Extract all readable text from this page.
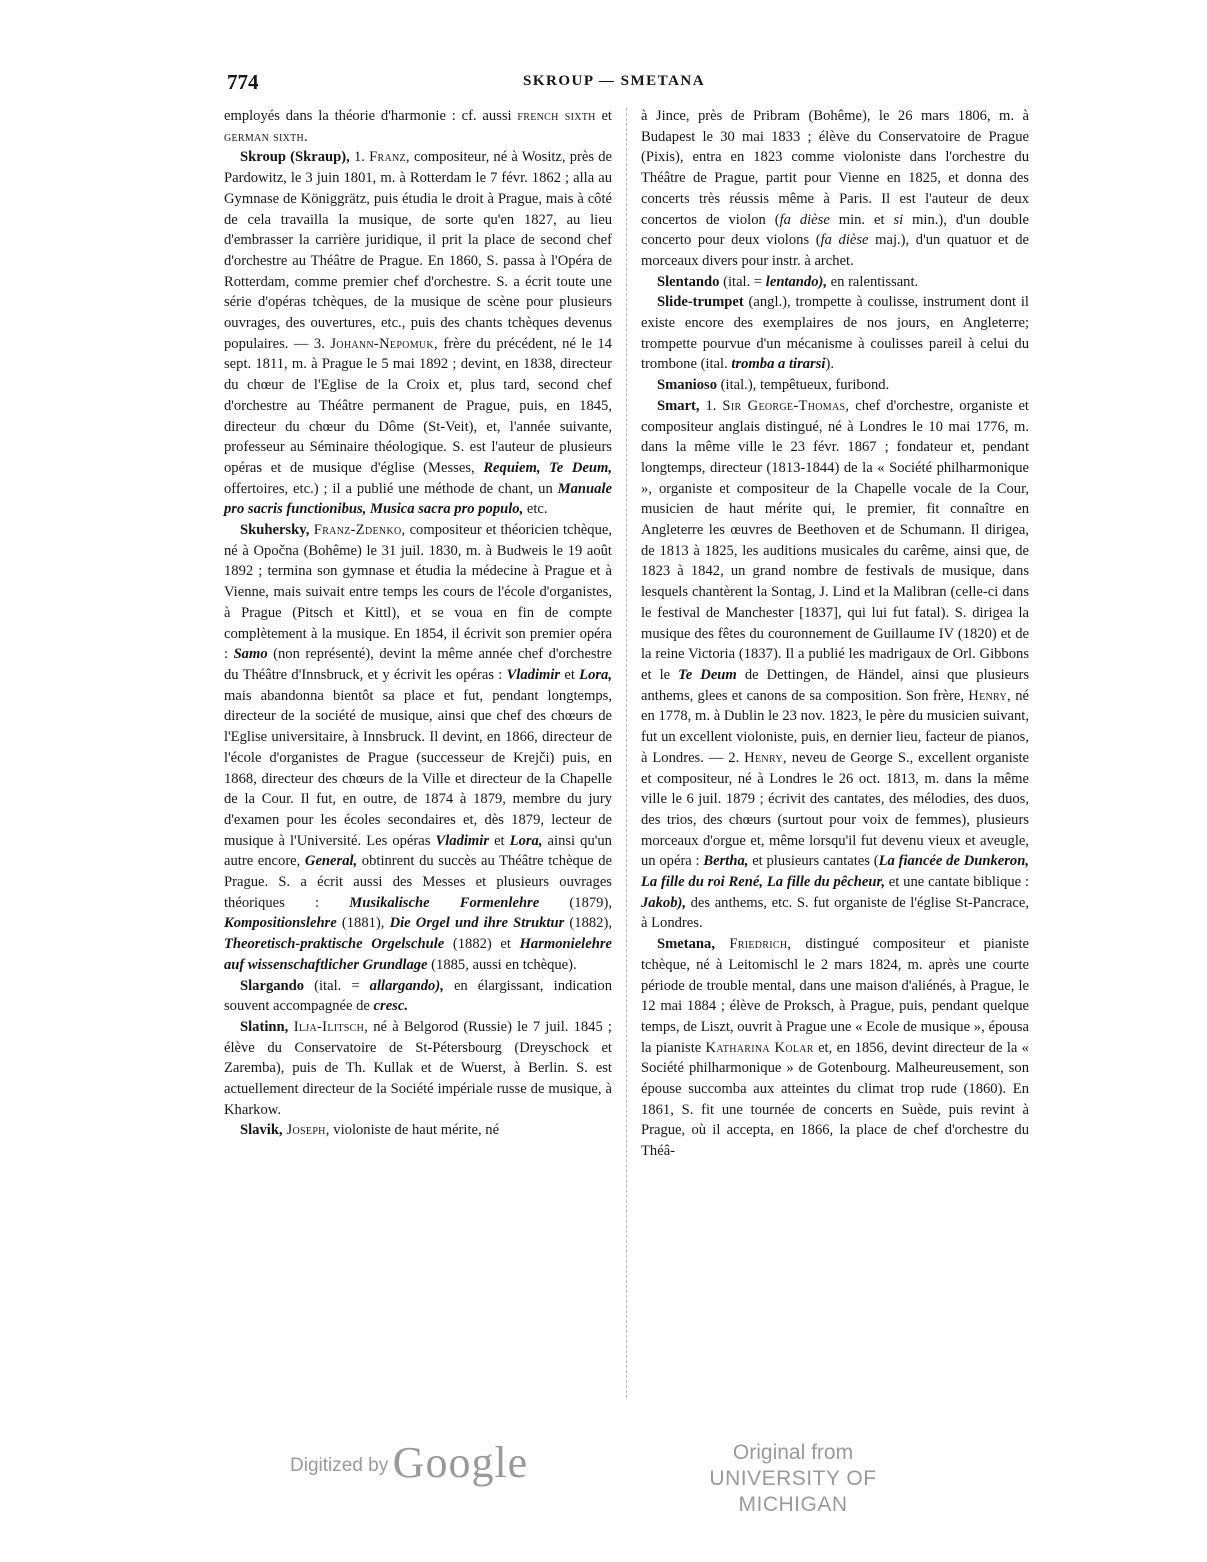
774	SKROUP — SMETANA

employés dans la théorie d'harmonie : cf. aussi french sixth et german sixth.

Skroup (Skraup), 1. Franz, compositeur, né à Wositz, près de Pardowitz, le 3 juin 1801, m. à Rotterdam le 7 févr. 1862 ; alla au Gymnase de Königgrätz, puis étudia le droit à Prague, mais à côté de cela travailla la musique, de sorte qu'en 1827, au lieu d'embrasser la carrière juridique, il prit la place de second chef d'orchestre au Théâtre de Prague. En 1860, S. passa à l'Opéra de Rotterdam, comme premier chef d'orchestre. S. a écrit toute une série d'opéras tchèques, de la musique de scène pour plusieurs ouvrages, des ouvertures, etc., puis des chants tchèques devenus populaires. — 3. Johann-Nepomuk, frère du précédent, né le 14 sept. 1811, m. à Prague le 5 mai 1892 ; devint, en 1838, directeur du chœur de l'Eglise de la Croix et, plus tard, second chef d'orchestre au Théâtre permanent de Prague, puis, en 1845, directeur du chœur du Dôme (St-Veit), et, l'année suivante, professeur au Séminaire théologique. S. est l'auteur de plusieurs opéras et de musique d'église (Messes, Requiem, Te Deum, offertoires, etc.) ; il a publié une méthode de chant, un Manuale pro sacris functionibus, Musica sacra pro populo, etc.

Skuhersky, Franz-Zdenko, compositeur et théoricien tchèque, né à Opočna (Bohême) le 31 juil. 1830, m. à Budweis le 19 août 1892 ; termina son gymnase et étudia la médecine à Prague et à Vienne, mais suivait entre temps les cours de l'école d'organistes, à Prague (Pitsch et Kittl), et se voua en fin de compte complètement à la musique. En 1854, il écrivit son premier opéra : Samo (non représenté), devint la même année chef d'orchestre du Théâtre d'Innsbruck, et y écrivit les opéras : Vladimir et Lora, mais abandonna bientôt sa place et fut, pendant longtemps, directeur de la société de musique, ainsi que chef des chœurs de l'Eglise universitaire, à Innsbruck. Il devint, en 1866, directeur de l'école d'organistes de Prague (successeur de Krejči) puis, en 1868, directeur des chœurs de la Ville et directeur de la Chapelle de la Cour. Il fut, en outre, de 1874 à 1879, membre du jury d'examen pour les écoles secondaires et, dès 1879, lecteur de musique à l'Université. Les opéras Vladimir et Lora, ainsi qu'un autre encore, General, obtinrent du succès au Théâtre tchèque de Prague. S. a écrit aussi des Messes et plusieurs ouvrages théoriques : Musikalische Formenlehre (1879), Kompositionslehre (1881), Die Orgel und ihre Struktur (1882), Theoretisch-praktische Orgelschule (1882) et Harmonielehre auf wissenschaftlicher Grundlage (1885, aussi en tchèque).

Slargando (ital. = allargando), en élargissant, indication souvent accompagnée de cresc.

Slatinn, Ilja-Ilitsch, né à Belgorod (Russie) le 7 juil. 1845 ; élève du Conservatoire de St-Pétersbourg (Dreyschock et Zaremba), puis de Th. Kullak et de Wuerst, à Berlin. S. est actuellement directeur de la Société impériale russe de musique, à Kharkow.

Slavik, Joseph, violoniste de haut mérite, né

à Jince, près de Pribram (Bohême), le 26 mars 1806, m. à Budapest le 30 mai 1833 ; élève du Conservatoire de Prague (Pixis), entra en 1823 comme violoniste dans l'orchestre du Théâtre de Prague, partit pour Vienne en 1825, et donna des concerts très réussis même à Paris. Il est l'auteur de deux concertos de violon (fa dièse min. et si min.), d'un double concerto pour deux violons (fa dièse maj.), d'un quatuor et de morceaux divers pour instr. à archet.

Slentando (ital. = lentando), en ralentissant.

Slide-trumpet (angl.), trompette à coulisse, instrument dont il existe encore des exemplaires de nos jours, en Angleterre; trompette pourvue d'un mécanisme à coulisses pareil à celui du trombone (ital. tromba a tirarsi).

Smanioso (ital.), tempêtueux, furibond.

Smart, 1. Sir George-Thomas, chef d'orchestre, organiste et compositeur anglais distingué, né à Londres le 10 mai 1776, m. dans la même ville le 23 févr. 1867 ; fondateur et, pendant longtemps, directeur (1813-1844) de la « Société philharmonique », organiste et compositeur de la Chapelle vocale de la Cour, musicien de haut mérite qui, le premier, fit connaître en Angleterre les œuvres de Beethoven et de Schumann. Il dirigea, de 1813 à 1825, les auditions musicales du carême, ainsi que, de 1823 à 1842, un grand nombre de festivals de musique, dans lesquels chantèrent la Sontag, J. Lind et la Malibran (celle-ci dans le festival de Manchester [1837], qui lui fut fatal). S. dirigea la musique des fêtes du couronnement de Guillaume IV (1820) et de la reine Victoria (1837). Il a publié les madrigaux de Orl. Gibbons et le Te Deum de Dettingen, de Händel, ainsi que plusieurs anthems, glees et canons de sa composition. Son frère, Henry, né en 1778, m. à Dublin le 23 nov. 1823, le père du musicien suivant, fut un excellent violoniste, puis, en dernier lieu, facteur de pianos, à Londres. — 2. Henry, neveu de George S., excellent organiste et compositeur, né à Londres le 26 oct. 1813, m. dans la même ville le 6 juil. 1879 ; écrivit des cantates, des mélodies, des duos, des trios, des chœurs (surtout pour voix de femmes), plusieurs morceaux d'orgue et, même lorsqu'il fut devenu vieux et aveugle, un opéra : Bertha, et plusieurs cantates (La fiancée de Dunkeron, La fille du roi René, La fille du pêcheur, et une cantate biblique : Jakob), des anthems, etc. S. fut organiste de l'église St-Pancrace, à Londres.

Smetana, Friedrich, distingué compositeur et pianiste tchèque, né à Leitomischl le 2 mars 1824, m. après une courte période de trouble mental, dans une maison d'aliénés, à Prague, le 12 mai 1884 ; élève de Proksch, à Prague, puis, pendant quelque temps, de Liszt, ouvrit à Prague une « Ecole de musique », épousa la pianiste Katharina Kolar et, en 1856, devint directeur de la « Société philharmonique » de Gotenbourg. Malheureusement, son épouse succomba aux atteintes du climat trop rude (1860). En 1861, S. fit une tournée de concerts en Suède, puis revint à Prague, où il accepta, en 1866, la place de chef d'orchestre du Théâ-

Digitized by Google	Original from
UNIVERSITY OF MICHIGAN
